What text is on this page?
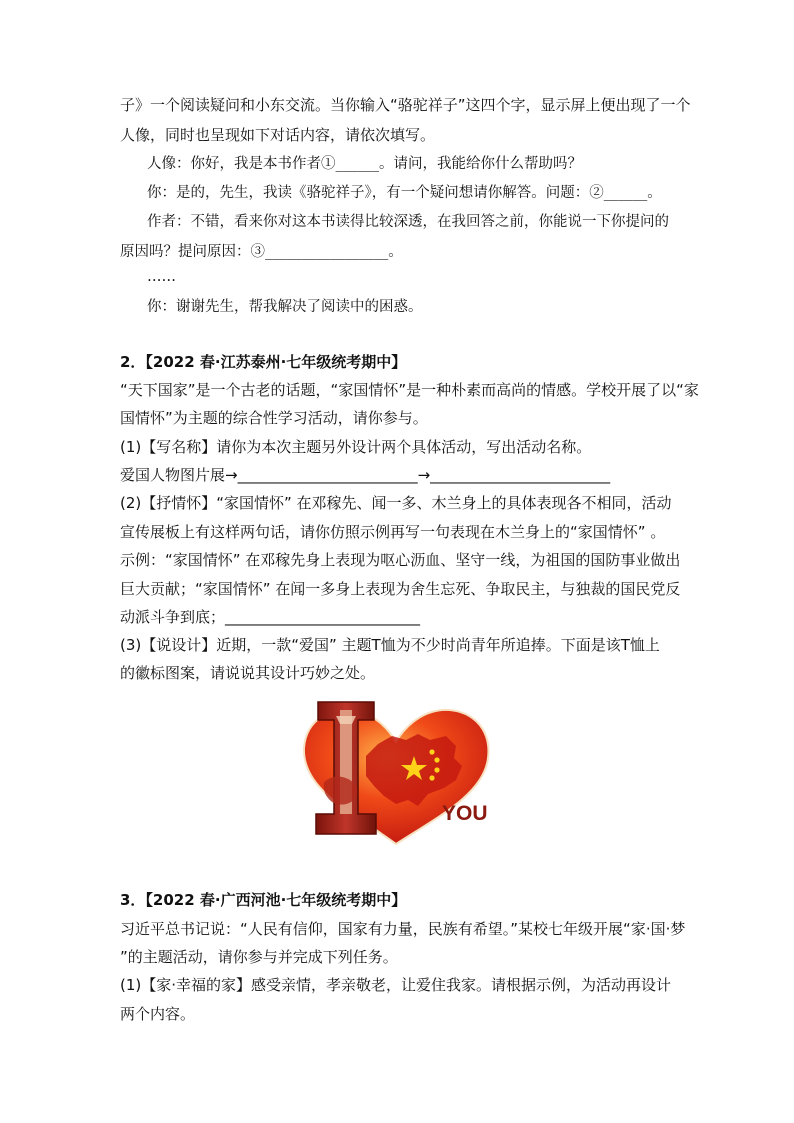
子》一个阅读疑问和小东交流。当你输入“骆驼祥子”这四个字，显示屏上便出现了一个
人像，同时也呈现如下对话内容，请依次填写。
人像：你好，我是本书作者①______。请问，我能给你什么帮助吗？
你：是的，先生，我读《骆驼祥子》，有一个疑问想请你解答。问题：②______。
作者：不错，看来你对这本书读得比较深透，在我回答之前，你能说一下你提问的
原因吗？提问原因：③_________________。
……
你：谢谢先生，帮我解决了阅读中的困惑。
2．【2022 春·江苏泰州·七年级统考期中】
“天下国家”是一个古老的话题，“家国情怀”是一种朴素而高尚的情感。学校开展了以“家
国情怀”为主题的综合性学习活动，请你参与。
(1)【写名称】请你为本次主题另外设计两个具体活动，写出活动名称。
爱国人物图片展→________________________→________________________
(2)【抒情怀】“家国情怀” 在邓稼先、闻一多、木兰身上的具体表现各不相同，活动
宣传展板上有这样两句话，请你仿照示例再写一句表现在木兰身上的“家国情怀” 。
示例：“家国情怀” 在邓稼先身上表现为呕心沥血、坚守一线，为祖国的国防事业做出
巨大贡献；“家国情怀” 在闻一多身上表现为舍生忘死、争取民主，与独裁的国民党反
动派斗争到底；__________________________
(3)【说设计】近期，一款“爱国” 主题T恤为不少时尚青年所追捧。下面是该T恤上
的徽标图案，请说说其设计巧妙之处。
YOU
3．【2022 春·广西河池·七年级统考期中】
习近平总书记说：“人民有信仰，国家有力量，民族有希望。”某校七年级开展“家·国·梦
”的主题活动，请你参与并完成下列任务。
(1)【家·幸福的家】感受亲情，孝亲敬老，让爱住我家。请根据示例，为活动再设计
两个内容。
